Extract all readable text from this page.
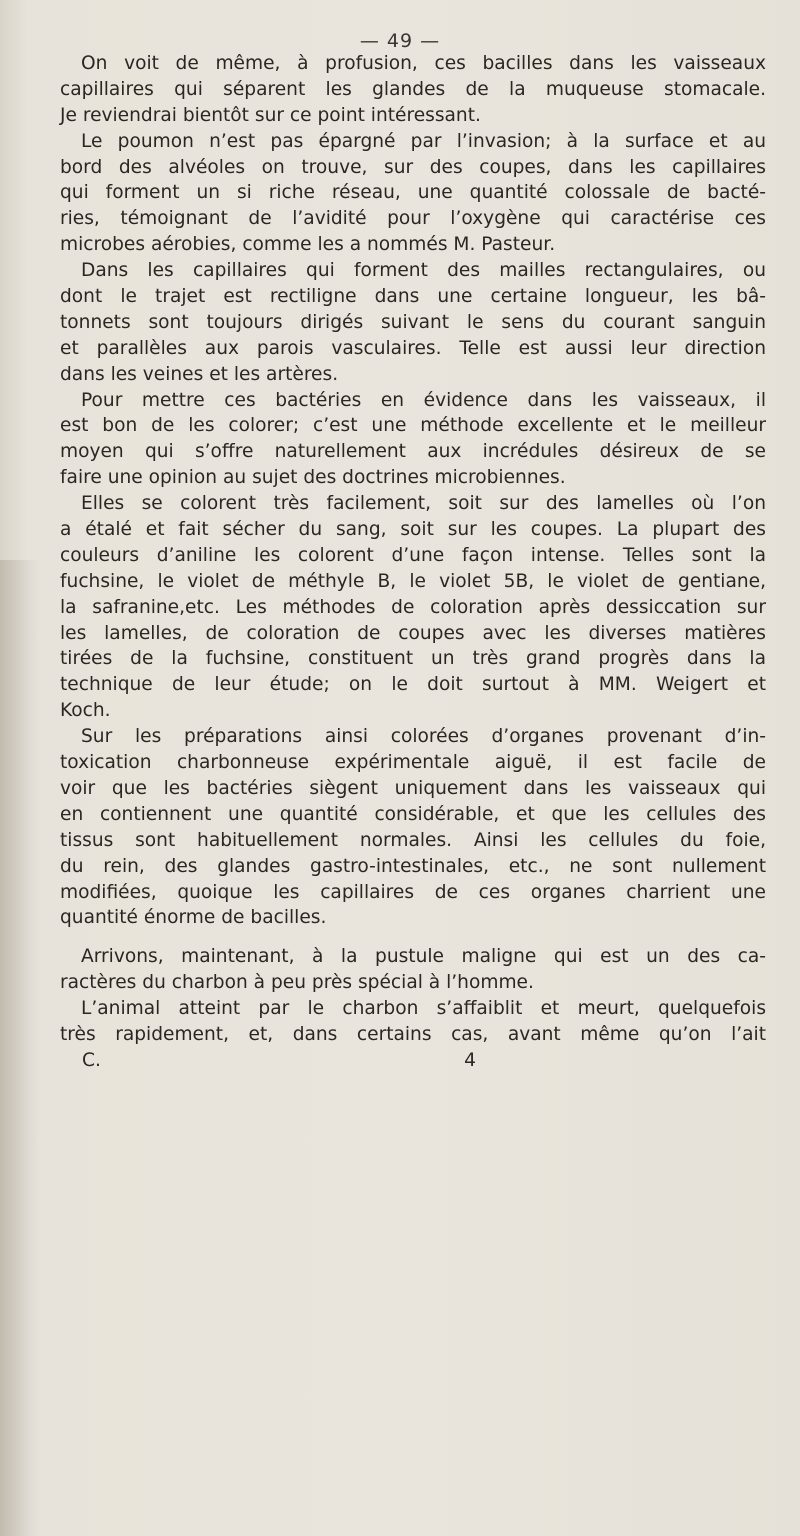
— 49 —
On voit de même, à profusion, ces bacilles dans les vaisseaux
capillaires qui séparent les glandes de la muqueuse stomacale.
Je reviendrai bientôt sur ce point intéressant.
Le poumon n’est pas épargné par l’invasion; à la surface et au
bord des alvéoles on trouve, sur des coupes, dans les capillaires
qui forment un si riche réseau, une quantité colossale de bacté-
ries, témoignant de l’avidité pour l’oxygène qui caractérise ces
microbes aérobies, comme les a nommés M. Pasteur.
Dans les capillaires qui forment des mailles rectangulaires, ou
dont le trajet est rectiligne dans une certaine longueur, les bâ-
tonnets sont toujours dirigés suivant le sens du courant sanguin
et parallèles aux parois vasculaires. Telle est aussi leur direction
dans les veines et les artères.
Pour mettre ces bactéries en évidence dans les vaisseaux, il
est bon de les colorer; c’est une méthode excellente et le meilleur
moyen qui s’offre naturellement aux incrédules désireux de se
faire une opinion au sujet des doctrines microbiennes.
Elles se colorent très facilement, soit sur des lamelles où l’on
a étalé et fait sécher du sang, soit sur les coupes. La plupart des
couleurs d’aniline les colorent d’une façon intense. Telles sont la
fuchsine, le violet de méthyle B, le violet 5B, le violet de gentiane,
la safranine,etc. Les méthodes de coloration après dessiccation sur
les lamelles, de coloration de coupes avec les diverses matières
tirées de la fuchsine, constituent un très grand progrès dans la
technique de leur étude; on le doit surtout à MM. Weigert et
Koch.
Sur les préparations ainsi colorées d’organes provenant d’in-
toxication charbonneuse expérimentale aiguë, il est facile de
voir que les bactéries siègent uniquement dans les vaisseaux qui
en contiennent une quantité considérable, et que les cellules des
tissus sont habituellement normales. Ainsi les cellules du foie,
du rein, des glandes gastro-intestinales, etc., ne sont nullement
modifiées, quoique les capillaires de ces organes charrient une
quantité énorme de bacilles.
Arrivons, maintenant, à la pustule maligne qui est un des ca-
ractères du charbon à peu près spécial à l’homme.
L’animal atteint par le charbon s’affaiblit et meurt, quelquefois
très rapidement, et, dans certains cas, avant même qu’on l’ait
C.	4
